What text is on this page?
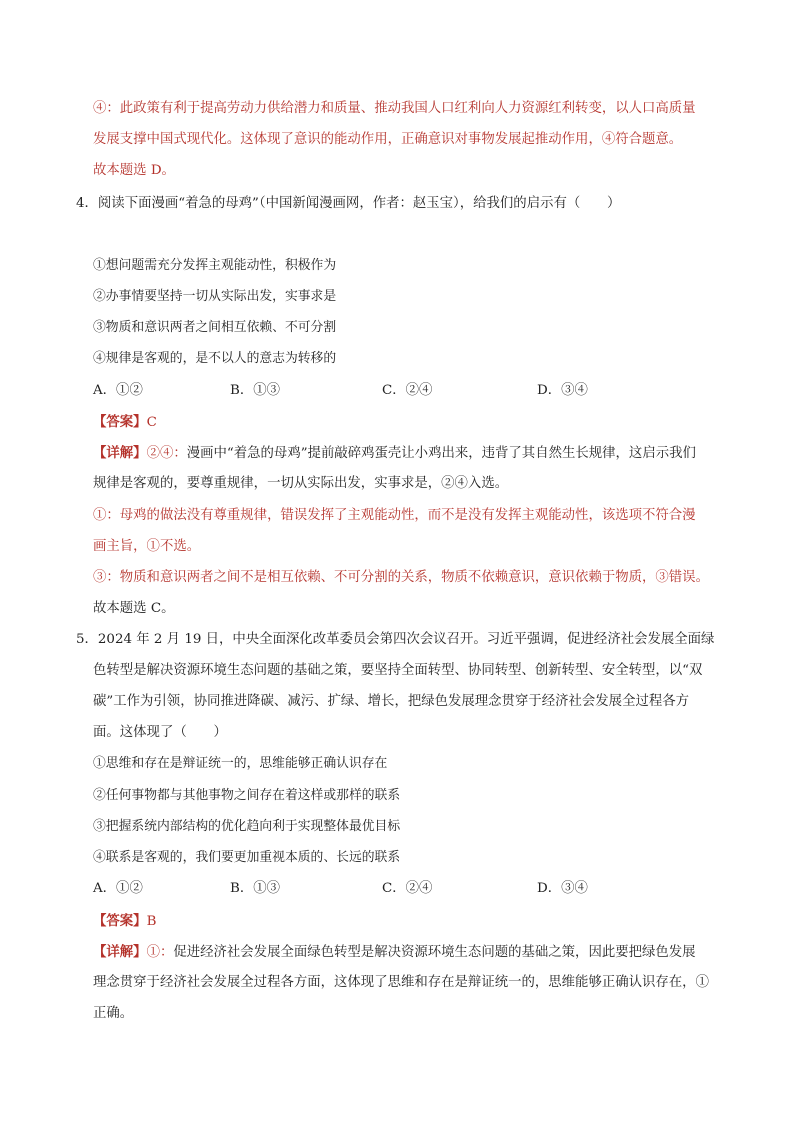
④：此政策有利于提高劳动力供给潜力和质量、推动我国人口红利向人力资源红利转变，以人口高质量
发展支撑中国式现代化。这体现了意识的能动作用，正确意识对事物发展起推动作用，④符合题意。
故本题选 D。
4．阅读下面漫画“着急的母鸡”（中国新闻漫画网，作者：赵玉宝），给我们的启示有（　　）
①想问题需充分发挥主观能动性，积极作为
②办事情要坚持一切从实际出发，实事求是
③物质和意识两者之间相互依赖、不可分割
④规律是客观的，是不以人的意志为转移的
A．①②	B．①③	C．②④	D．③④
【答案】C
【详解】②④：漫画中“着急的母鸡”提前敲碎鸡蛋壳让小鸡出来，违背了其自然生长规律，这启示我们
规律是客观的，要尊重规律，一切从实际出发，实事求是，②④入选。
①：母鸡的做法没有尊重规律，错误发挥了主观能动性，而不是没有发挥主观能动性，该选项不符合漫
画主旨，①不选。
③：物质和意识两者之间不是相互依赖、不可分割的关系，物质不依赖意识，意识依赖于物质，③错误。
故本题选 C。
5．2024 年 2 月 19 日，中央全面深化改革委员会第四次会议召开。习近平强调，促进经济社会发展全面绿
色转型是解决资源环境生态问题的基础之策，要坚持全面转型、协同转型、创新转型、安全转型，以“双
碳”工作为引领，协同推进降碳、减污、扩绿、增长，把绿色发展理念贯穿于经济社会发展全过程各方
面。这体现了（　　）
①思维和存在是辩证统一的，思维能够正确认识存在
②任何事物都与其他事物之间存在着这样或那样的联系
③把握系统内部结构的优化趋向利于实现整体最优目标
④联系是客观的，我们要更加重视本质的、长远的联系
A．①②	B．①③	C．②④	D．③④
【答案】B
【详解】①：促进经济社会发展全面绿色转型是解决资源环境生态问题的基础之策，因此要把绿色发展
理念贯穿于经济社会发展全过程各方面，这体现了思维和存在是辩证统一的，思维能够正确认识存在，①
正确。
